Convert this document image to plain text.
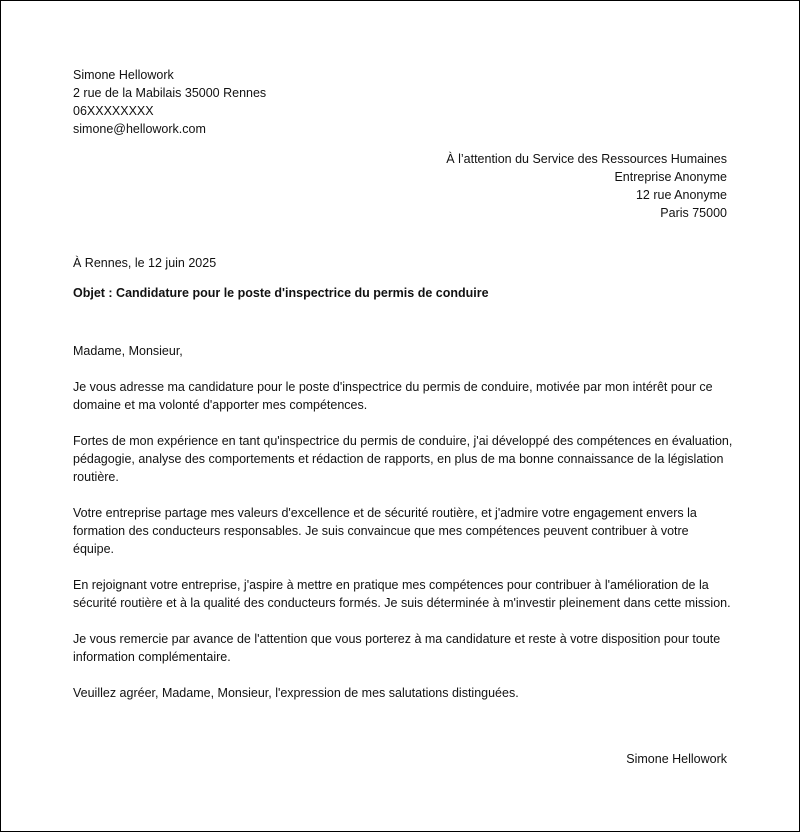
Simone Hellowork
2 rue de la Mabilais 35000 Rennes
06XXXXXXXX
simone@hellowork.com
À l’attention du Service des Ressources Humaines
Entreprise Anonyme
12 rue Anonyme
Paris 75000
À Rennes, le 12 juin 2025
Objet : Candidature pour le poste d'inspectrice du permis de conduire

Madame, Monsieur,

Je vous adresse ma candidature pour le poste d'inspectrice du permis de conduire, motivée par mon intérêt pour ce domaine et ma volonté d'apporter mes compétences.

Fortes de mon expérience en tant qu'inspectrice du permis de conduire, j'ai développé des compétences en évaluation, pédagogie, analyse des comportements et rédaction de rapports, en plus de ma bonne connaissance de la législation routière.

Votre entreprise partage mes valeurs d'excellence et de sécurité routière, et j'admire votre engagement envers la formation des conducteurs responsables. Je suis convaincue que mes compétences peuvent contribuer à votre équipe.

En rejoignant votre entreprise, j'aspire à mettre en pratique mes compétences pour contribuer à l'amélioration de la sécurité routière et à la qualité des conducteurs formés. Je suis déterminée à m'investir pleinement dans cette mission.

Je vous remercie par avance de l'attention que vous porterez à ma candidature et reste à votre disposition pour toute information complémentaire.

Veuillez agréer, Madame, Monsieur, l'expression de mes salutations distinguées.

Simone Hellowork
